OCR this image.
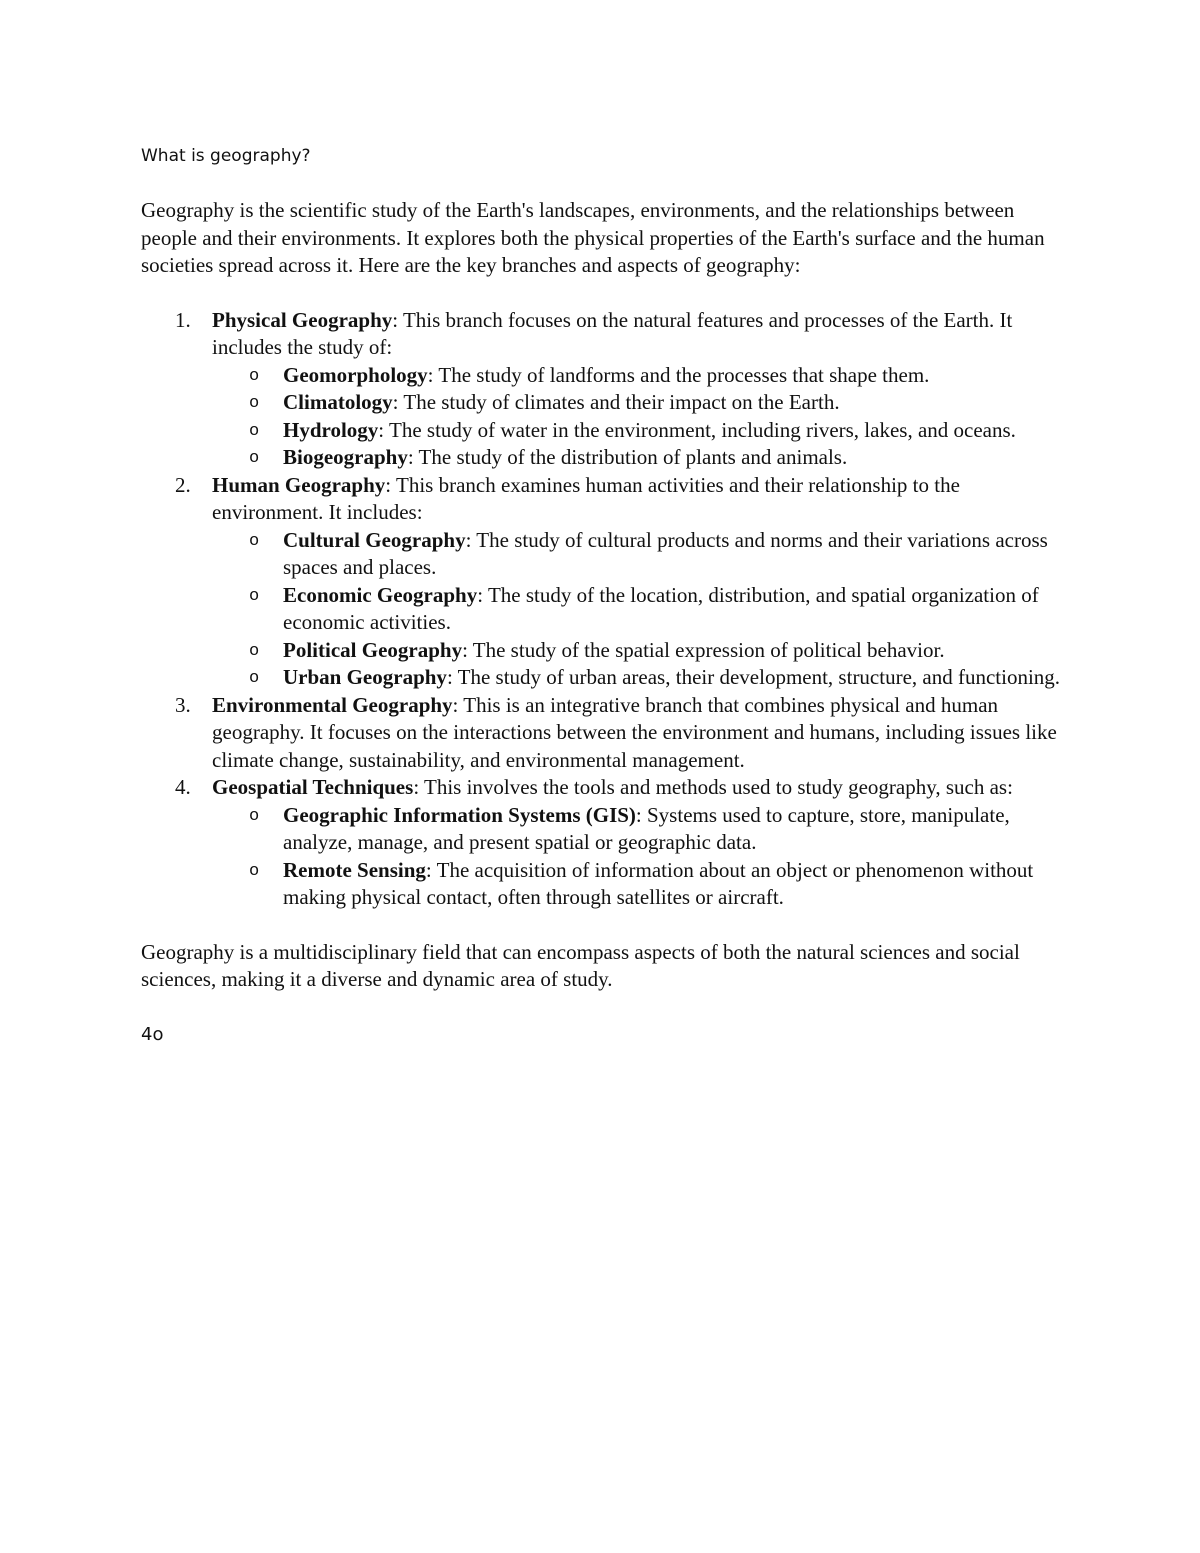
What is geography?

Geography is the scientific study of the Earth's landscapes, environments, and the relationships between people and their environments. It explores both the physical properties of the Earth's surface and the human societies spread across it. Here are the key branches and aspects of geography:

1. Physical Geography: This branch focuses on the natural features and processes of the Earth. It includes the study of:
o Geomorphology: The study of landforms and the processes that shape them.
o Climatology: The study of climates and their impact on the Earth.
o Hydrology: The study of water in the environment, including rivers, lakes, and oceans.
o Biogeography: The study of the distribution of plants and animals.
2. Human Geography: This branch examines human activities and their relationship to the environment. It includes:
o Cultural Geography: The study of cultural products and norms and their variations across spaces and places.
o Economic Geography: The study of the location, distribution, and spatial organization of economic activities.
o Political Geography: The study of the spatial expression of political behavior.
o Urban Geography: The study of urban areas, their development, structure, and functioning.
3. Environmental Geography: This is an integrative branch that combines physical and human geography. It focuses on the interactions between the environment and humans, including issues like climate change, sustainability, and environmental management.
4. Geospatial Techniques: This involves the tools and methods used to study geography, such as:
o Geographic Information Systems (GIS): Systems used to capture, store, manipulate, analyze, manage, and present spatial or geographic data.
o Remote Sensing: The acquisition of information about an object or phenomenon without making physical contact, often through satellites or aircraft.

Geography is a multidisciplinary field that can encompass aspects of both the natural sciences and social sciences, making it a diverse and dynamic area of study.

4o
